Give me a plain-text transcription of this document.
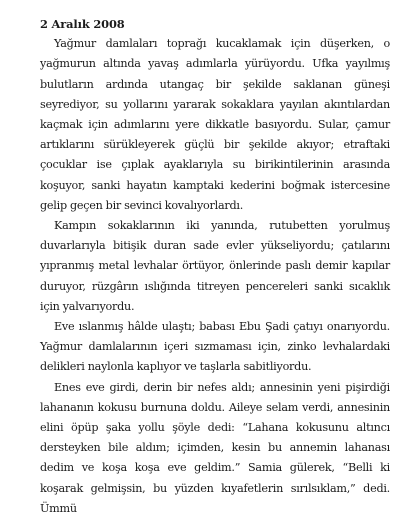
2 Aralık 2008

Yağmur damlaları toprağı kucaklamak için düşerken, o yağmurun altında yavaş adımlarla yürüyordu. Ufka yayılmış bulutların ardında utangaç bir şekilde saklanan güneşi seyrediyor, su yollarını yararak sokaklara yayılan akıntılardan kaçmak için adımlarını yere dikkatle basıyordu. Sular, çamur artıklarını sürükleyerek güçlü bir şekilde akıyor; etraftaki çocuklar ise çıplak ayaklarıyla su birikintilerinin arasında koşuyor, sanki hayatın kamptaki kederini boğmak istercesine gelip geçen bir sevinci kovalıyorlardı.

Kampın sokaklarının iki yanında, rutubetten yorulmuş duvarlarıyla bitişik duran sade evler yükseliyordu; çatılarını yıpranmış metal levhalar örtüyor, önlerinde paslı demir kapılar duruyor, rüzgârın ıslığında titreyen pencereleri sanki sıcaklık için yalvarıyordu.

Eve ıslanmış hâlde ulaştı; babası Ebu Şadi çatıyı onarıyordu. Yağmur damlalarının içeri sızmaması için, zinko levhalardaki delikleri naylonla kaplıyor ve taşlarla sabitliyordu.

Enes eve girdi, derin bir nefes aldı; annesinin yeni pişirdiği lahananın kokusu burnuna doldu. Aileye selam verdi, annesinin elini öpüp şaka yollu şöyle dedi: “Lahana kokusunu altıncı dersteyken bile aldım; içimden, kesin bu annemin lahanası dedim ve koşa koşa eve geldim.” Samia gülerek, “Belli ki koşarak gelmişsin, bu yüzden kıyafetlerin sırılsıklam,” dedi. Ümmü
